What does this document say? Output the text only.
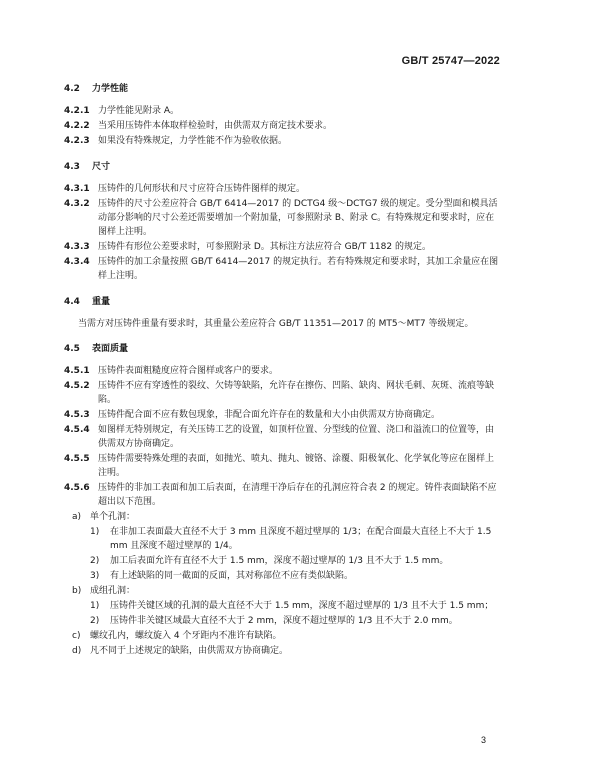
GB/T 25747—2022
4.2 力学性能
4.2.1 力学性能见附录 A。
4.2.2 当采用压铸件本体取样检验时，由供需双方商定技术要求。
4.2.3 如果没有特殊规定，力学性能不作为验收依据。
4.3 尺寸
4.3.1 压铸件的几何形状和尺寸应符合压铸件图样的规定。
4.3.2 压铸件的尺寸公差应符合 GB/T 6414—2017 的 DCTG4 级～DCTG7 级的规定。受分型面和模具活动部分影响的尺寸公差还需要增加一个附加量，可参照附录 B、附录 C。有特殊规定和要求时，应在图样上注明。
4.3.3 压铸件有形位公差要求时，可参照附录 D。其标注方法应符合 GB/T 1182 的规定。
4.3.4 压铸件的加工余量按照 GB/T 6414—2017 的规定执行。若有特殊规定和要求时，其加工余量应在图样上注明。
4.4 重量
当需方对压铸件重量有要求时，其重量公差应符合 GB/T 11351—2017 的 MT5～MT7 等级规定。
4.5 表面质量
4.5.1 压铸件表面粗糙度应符合图样或客户的要求。
4.5.2 压铸件不应有穿透性的裂纹、欠铸等缺陷，允许存在擦伤、凹陷、缺肉、网状毛刺、灰斑、流痕等缺陷。
4.5.3 压铸件配合面不应有数包现象，非配合面允许存在的数量和大小由供需双方协商确定。
4.5.4 如图样无特别规定，有关压铸工艺的设置，如顶杆位置、分型线的位置、浇口和溢流口的位置等，由供需双方协商确定。
4.5.5 压铸件需要特殊处理的表面，如抛光、喷丸、抛丸、镀铬、涂覆、阳极氧化、化学氧化等应在图样上注明。
4.5.6 压铸件的非加工表面和加工后表面，在清理干净后存在的孔洞应符合表 2 的规定。铸件表面缺陷不应超出以下范围。
a) 单个孔洞：
1)	在非加工表面最大直径不大于 3 mm 且深度不超过壁厚的 1/3；在配合面最大直径上不大于 1.5 mm 且深度不超过壁厚的 1/4。
2)	加工后表面允许有直径不大于 1.5 mm，深度不超过壁厚的 1/3 且不大于 1.5 mm。
3)	有上述缺陷的同一截面的反面，其对称部位不应有类似缺陷。
b) 成组孔洞：
1)	压铸件关键区域的孔洞的最大直径不大于 1.5 mm，深度不超过壁厚的 1/3 且不大于 1.5 mm；
2)	压铸件非关键区域最大直径不大于 2 mm，深度不超过壁厚的 1/3 且不大于 2.0 mm。
c)	螺纹孔内，螺纹旋入 4 个牙距内不准许有缺陷。
d) 凡不同于上述规定的缺陷，由供需双方协商确定。
3
